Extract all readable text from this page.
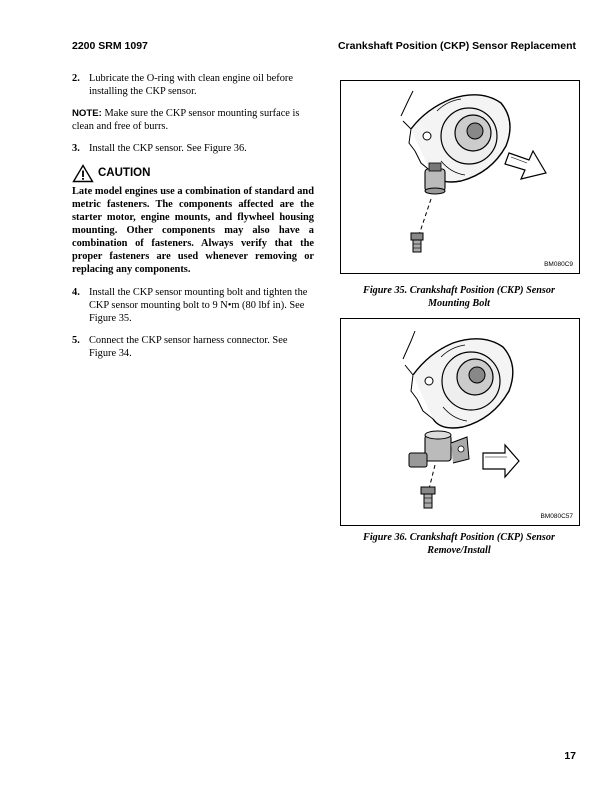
2200 SRM 1097	Crankshaft Position (CKP) Sensor Replacement
2. Lubricate the O-ring with clean engine oil before installing the CKP sensor.
NOTE: Make sure the CKP sensor mounting surface is clean and free of burrs.
3. Install the CKP sensor. See Figure 36.
CAUTION
Late model engines use a combination of standard and metric fasteners. The components affected are the starter motor, engine mounts, and flywheel housing mounting. Other components may also have a combination of fasteners. Always verify that the proper fasteners are used whenever removing or replacing any components.
4. Install the CKP sensor mounting bolt and tighten the CKP sensor mounting bolt to 9 N•m (80 lbf in). See Figure 35.
5. Connect the CKP sensor harness connector. See Figure 34.
BM080C9
Figure 35. Crankshaft Position (CKP) Sensor
Mounting Bolt
BM080C57
Figure 36. Crankshaft Position (CKP) Sensor
Remove/Install
17
